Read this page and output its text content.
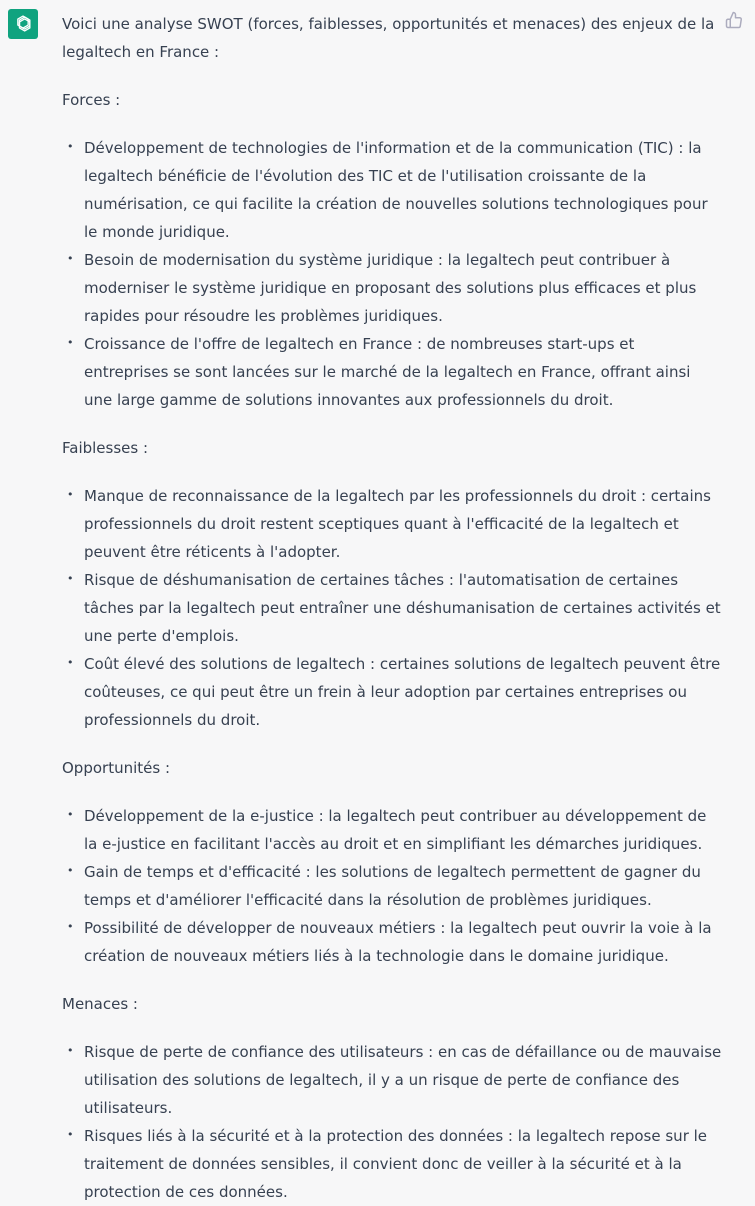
Voici une analyse SWOT (forces, faiblesses, opportunités et menaces) des enjeux de la legaltech en France :

Forces :

• Développement de technologies de l'information et de la communication (TIC) : la legaltech bénéficie de l'évolution des TIC et de l'utilisation croissante de la numérisation, ce qui facilite la création de nouvelles solutions technologiques pour le monde juridique.
• Besoin de modernisation du système juridique : la legaltech peut contribuer à moderniser le système juridique en proposant des solutions plus efficaces et plus rapides pour résoudre les problèmes juridiques.
• Croissance de l'offre de legaltech en France : de nombreuses start-ups et entreprises se sont lancées sur le marché de la legaltech en France, offrant ainsi une large gamme de solutions innovantes aux professionnels du droit.

Faiblesses :

• Manque de reconnaissance de la legaltech par les professionnels du droit : certains professionnels du droit restent sceptiques quant à l'efficacité de la legaltech et peuvent être réticents à l'adopter.
• Risque de déshumanisation de certaines tâches : l'automatisation de certaines tâches par la legaltech peut entraîner une déshumanisation de certaines activités et une perte d'emplois.
• Coût élevé des solutions de legaltech : certaines solutions de legaltech peuvent être coûteuses, ce qui peut être un frein à leur adoption par certaines entreprises ou professionnels du droit.

Opportunités :

• Développement de la e-justice : la legaltech peut contribuer au développement de la e-justice en facilitant l'accès au droit et en simplifiant les démarches juridiques.
• Gain de temps et d'efficacité : les solutions de legaltech permettent de gagner du temps et d'améliorer l'efficacité dans la résolution de problèmes juridiques.
• Possibilité de développer de nouveaux métiers : la legaltech peut ouvrir la voie à la création de nouveaux métiers liés à la technologie dans le domaine juridique.

Menaces :

• Risque de perte de confiance des utilisateurs : en cas de défaillance ou de mauvaise utilisation des solutions de legaltech, il y a un risque de perte de confiance des utilisateurs.
• Risques liés à la sécurité et à la protection des données : la legaltech repose sur le traitement de données sensibles, il convient donc de veiller à la sécurité et à la protection de ces données.
